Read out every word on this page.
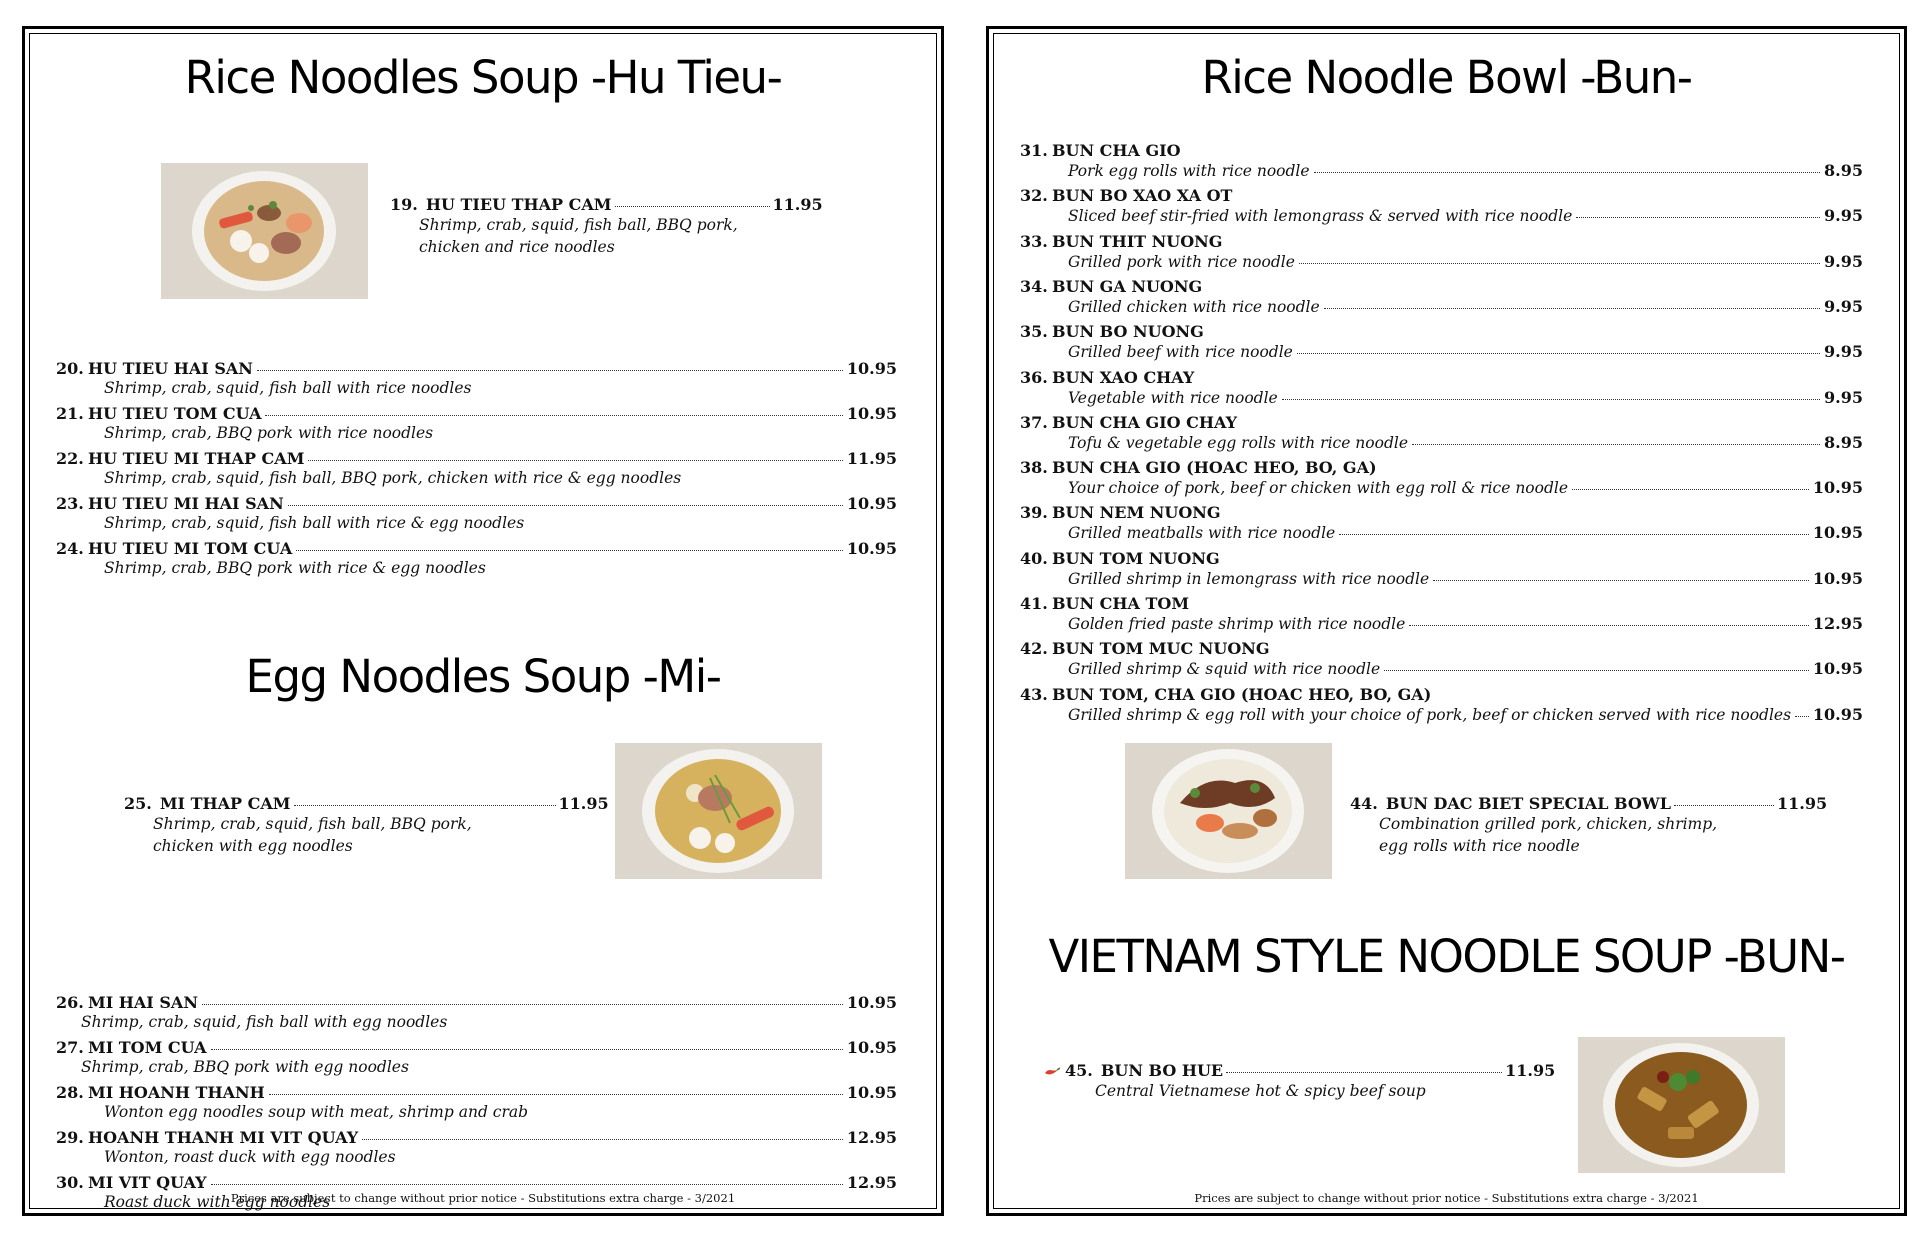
Rice Noodles Soup -Hu Tieu-
19. HU TIEU THAP CAM	11.95
Shrimp, crab, squid, fish ball, BBQ pork,
chicken and rice noodles
20. HU TIEU HAI SAN	10.95
Shrimp, crab, squid, fish ball with rice noodles
21. HU TIEU TOM CUA	10.95
Shrimp, crab, BBQ pork with rice noodles
22. HU TIEU MI THAP CAM	11.95
Shrimp, crab, squid, fish ball, BBQ pork, chicken with rice & egg noodles
23. HU TIEU MI HAI SAN	10.95
Shrimp, crab, squid, fish ball with rice & egg noodles
24. HU TIEU MI TOM CUA	10.95
Shrimp, crab, BBQ pork with rice & egg noodles
Egg Noodles Soup -Mi-
25. MI THAP CAM	11.95
Shrimp, crab, squid, fish ball, BBQ pork,
chicken with egg noodles
26. MI HAI SAN	10.95
Shrimp, crab, squid, fish ball with egg noodles
27. MI TOM CUA	10.95
Shrimp, crab, BBQ pork with egg noodles
28. MI HOANH THANH	10.95
Wonton egg noodles soup with meat, shrimp and crab
29. HOANH THANH MI VIT QUAY	12.95
Wonton, roast duck with egg noodles
30. MI VIT QUAY	12.95
Roast duck with egg noodles
Prices are subject to change without prior notice - Substitutions extra charge - 3/2021
Rice Noodle Bowl -Bun-
31. BUN CHA GIO
Pork egg rolls with rice noodle	8.95
32. BUN BO XAO XA OT
Sliced beef stir-fried with lemongrass & served with rice noodle	9.95
33. BUN THIT NUONG
Grilled pork with rice noodle	9.95
34. BUN GA NUONG
Grilled chicken with rice noodle	9.95
35. BUN BO NUONG
Grilled beef with rice noodle	9.95
36. BUN XAO CHAY
Vegetable with rice noodle	9.95
37. BUN CHA GIO CHAY
Tofu & vegetable egg rolls with rice noodle	8.95
38. BUN CHA GIO (HOAC HEO, BO, GA)
Your choice of pork, beef or chicken with egg roll & rice noodle	10.95
39. BUN NEM NUONG
Grilled meatballs with rice noodle	10.95
40. BUN TOM NUONG
Grilled shrimp in lemongrass with rice noodle	10.95
41. BUN CHA TOM
Golden fried paste shrimp with rice noodle	12.95
42. BUN TOM MUC NUONG
Grilled shrimp & squid with rice noodle	10.95
43. BUN TOM, CHA GIO (HOAC HEO, BO, GA)
Grilled shrimp & egg roll with your choice of pork, beef or chicken served with rice noodles 10.95
44. BUN DAC BIET SPECIAL BOWL	11.95
Combination grilled pork, chicken, shrimp,
egg rolls with rice noodle
VIETNAM STYLE NOODLE SOUP -BUN-
45. BUN BO HUE	11.95
Central Vietnamese hot & spicy beef soup
Prices are subject to change without prior notice - Substitutions extra charge - 3/2021
